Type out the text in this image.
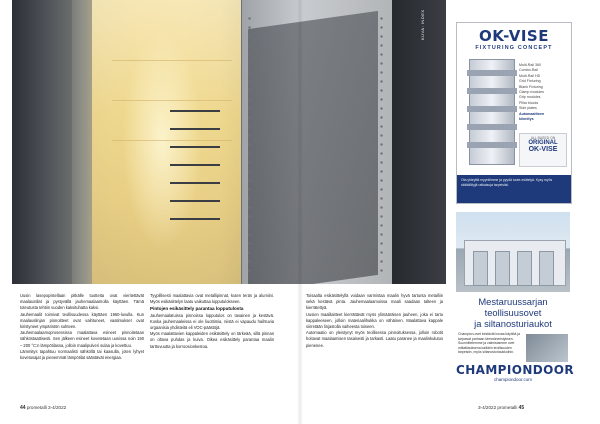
KUVA: INDEX	OK-VISE
FIXTURING CONCEPT
Multi-Rail 360
Combo-Rail
Multi-Rail HD
Grid Fixturing
Blank Fixturing
Clamp modules
Grip modules
Pillar blocks
Side plates
Automaattinen
kiinnitys
ALL BASED ON
ORIGINAL
OK-VISE
Ota yhteyttä myyntiimme ja pyydä tuote-esittelyä. Kysy myös räätälöityjä ratkaisuja tarpeisiisi.
Mestaruussarjan
teollisuusovet
ja siltanosturiaukot
Champion-ovet kestävät kovaa käyttöä ja tarjoavat parhaan lämmöneristyksen. Suunnittelemme ja valmistamme ovet mittatilauksena kaikkiin teollisuuden tarpeisiin, myös siltanosturiaukkoihin.
CHAMPIONDOOR
championdoor.com

Uusin lasepopistellaan pitkälle tuotteita ovat vieritettävät maalaustilat ja pystyvällä jauhemaalaamolla käyttäen. Tämä toteutusta tehtiin vuoden kaksituhatta kaksi.

Jauhemaalit toimivat teollisuudessa käyttäen 1960-luvulla. Kun maalauslinjan pinnoitteet ovat vaihtuneet, vaatimukset ovat kiristyneet ympäristön suhteen.

Jauhemaalaamoprosessissa maalattava esineet pinnoitetaan sähköstaattisesti. Sen jälkeen esineet kovetetaan uunissa noin 150 – 200 °C:n lämpötilassa, jolloin maalipulveri sulaa ja kovettuu.

Lämmitys tapahtuu normaalisti sähköllä tai kaasulla, joten lyhyet kovetusajat ja pienemmät lämpötilat säästävät energiaa.

Tyypillisesti maalattavia ovat metallipinnat, kuten teräs ja alumiini. Myös esikäsittelyn laatu vaikuttaa lopputulokseen.

Pintojen esikäsittely parantaa lopputulosta

Jauhemaalatuissa pinnoissa lopputulos on tasainen ja kestävä. Koska jauhemaaleissa ei ole liuottimia, niistä ei vapaudu haihtuvia orgaanisia yhdisteitä eli VOC-päästöjä.

Myös maalattavien kappaleiden esikäsittely on tärkeää, sillä pinnan on oltava puhdas ja kuiva. Oikea esikäsittely parantaa maalin tarttuvuutta ja korroosionkestoa.

Toisaalta esikäsittelyllä voidaan varmistaa maalin hyvä tartunta metalliin sekä kestävä pinta. Jauhemaalaamoissa maali saadaan talteen ja kierrätettyä.

Uusien maalilaitteet kierrättävät myös ylimääräisen jauheen, joka ei tartu kappaleeseen, jolloin materiaalihukka on vähäinen. Maalattava kappale siirretään linjastolla vaiheesta toiseen.

Automaatio on yleistynyt myös teollisessa pinnoituksessa, jolloin robotit hoitavat maalaamisen tasaisesti ja tarkasti. Laatu paranee ja maalinkulutus pienenee.

44 prometalli 3-4/2022	3-4/2022 prometalli 45
